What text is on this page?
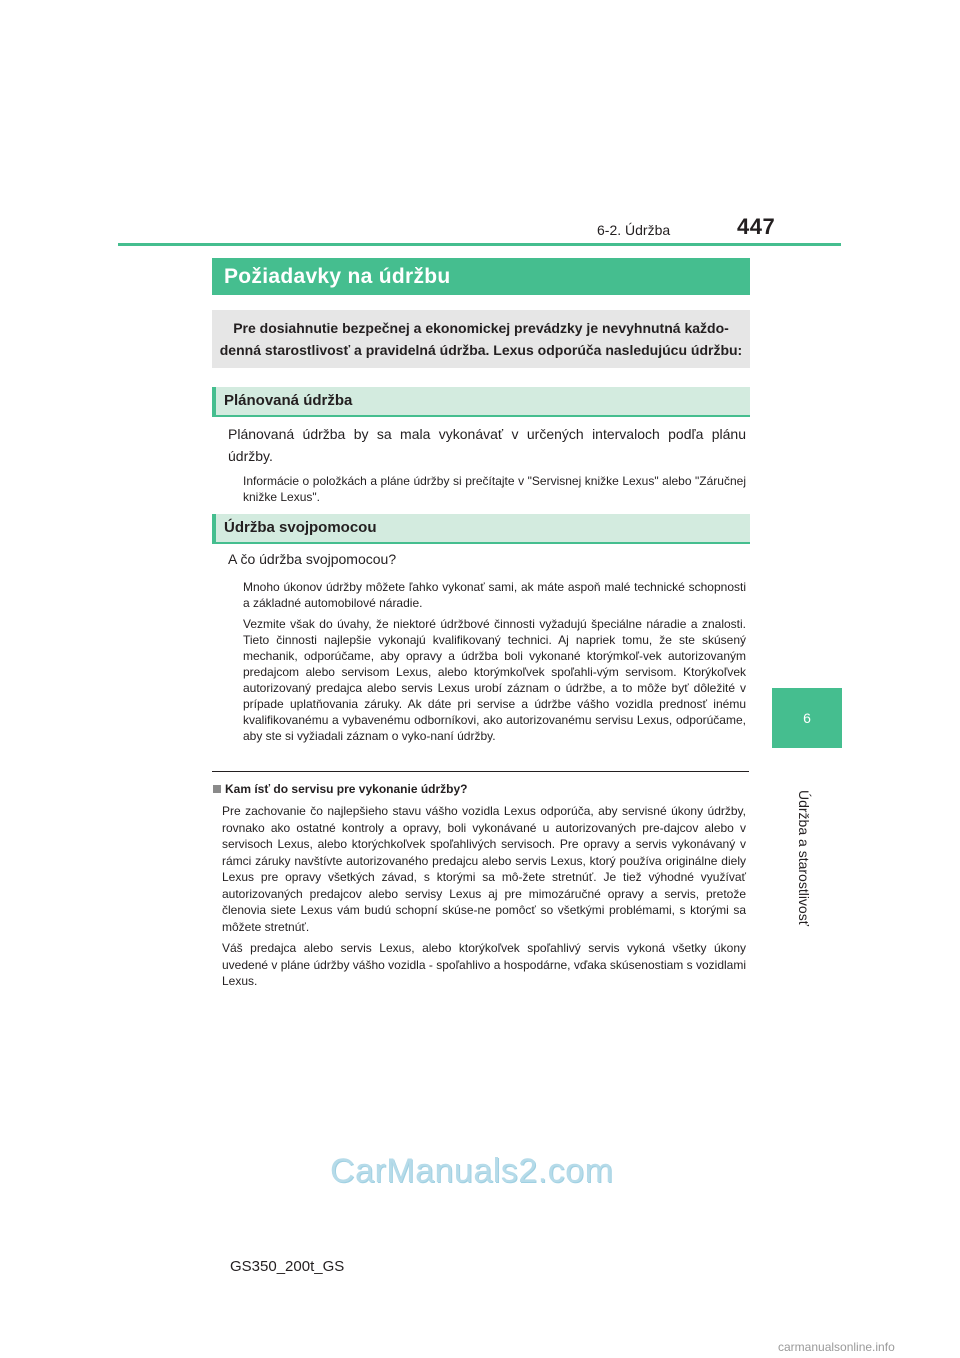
6-2. Údržba	447
6
Údržba a starostlivosť
Požiadavky na údržbu

Pre dosiahnutie bezpečnej a ekonomickej prevádzky je nevyhnutná každo-

denná starostlivosť a pravidelná údržba. Lexus odporúča nasledujúcu údržbu:

Plánovaná údržba
Plánovaná údržba by sa mala vykonávať v určených intervaloch podľa plánu údržby.
Informácie o položkách a pláne údržby si prečítajte v "Servisnej knižke Lexus" alebo "Záručnej knižke Lexus".
Údržba svojpomocou
A čo údržba svojpomocou?
Mnoho úkonov údržby môžete ľahko vykonať sami, ak máte aspoň malé technické schopnosti a základné automobilové náradie.
Vezmite však do úvahy, že niektoré údržbové činnosti vyžadujú špeciálne náradie a znalosti. Tieto činnosti najlepšie vykonajú kvalifikovaný technici. Aj napriek tomu, že ste skúsený mechanik, odporúčame, aby opravy a údržba boli vykonané ktorýmkoľ-vek autorizovaným predajcom alebo servisom Lexus, alebo ktorýmkoľvek spoľahli-vým servisom. Ktorýkoľvek autorizovaný predajca alebo servis Lexus urobí záznam o údržbe, a to môže byť dôležité v prípade uplatňovania záruky. Ak dáte pri servise a údržbe vášho vozidla prednosť inému kvalifikovanému a vybavenému odborníkovi, ako autorizovanému servisu Lexus, odporúčame, aby ste si vyžiadali záznam o vyko-naní údržby.
Kam ísť do servisu pre vykonanie údržby?

Pre zachovanie čo najlepšieho stavu vášho vozidla Lexus odporúča, aby servisné úkony údržby, rovnako ako ostatné kontroly a opravy, boli vykonávané u autorizovaných pre-dajcov alebo v servisoch Lexus, alebo ktorýchkoľvek spoľahlivých servisoch. Pre opravy a servis vykonávaný v rámci záruky navštívte autorizovaného predajcu alebo servis Lexus, ktorý používa originálne diely Lexus pre opravy všetkých závad, s ktorými sa mô-žete stretnúť. Je tiež výhodné využívať autorizovaných predajcov alebo servisy Lexus aj pre mimozáručné opravy a servis, pretože členovia siete Lexus vám budú schopní skúse-ne pomôcť so všetkými problémami, s ktorými sa môžete stretnúť.

Váš predajca alebo servis Lexus, alebo ktorýkoľvek spoľahlivý servis vykoná všetky úkony uvedené v pláne údržby vášho vozidla - spoľahlivo a hospodárne, vďaka skúsenostiam s vozidlami Lexus.

CarManuals2.com
GS350_200t_GS
carmanualsonline.info
